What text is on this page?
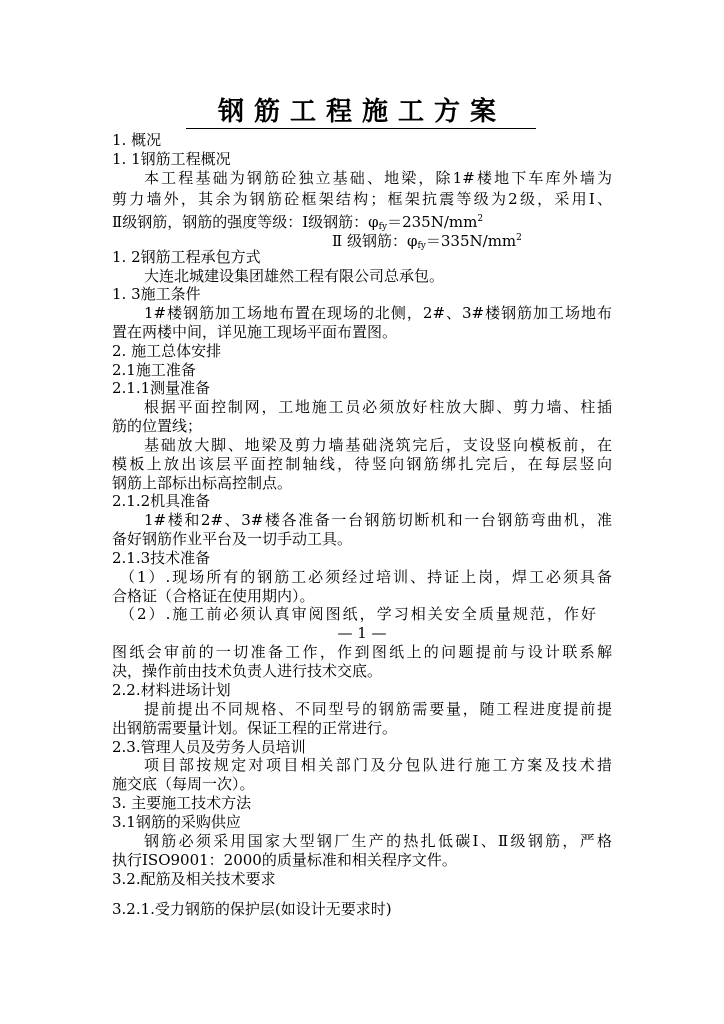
钢筋工程施工方案
1. 概况
1. 1钢筋工程概况
本工程基础为钢筋砼独立基础、地梁，除1#楼地下车库外墙为
剪力墙外，其余为钢筋砼框架结构；框架抗震等级为2级，采用Ⅰ、
Ⅱ级钢筋，钢筋的强度等级：Ⅰ级钢筋：$\varphi_{fy}=235N/mm^2$
Ⅱ 级钢筋：$\varphi_{fy}=335N/mm^2$
1. 2钢筋工程承包方式
大连北城建设集团雄然工程有限公司总承包。
1. 3施工条件
1#楼钢筋加工场地布置在现场的北侧，2#、3#楼钢筋加工场地布
置在两楼中间，详见施工现场平面布置图。
2. 施工总体安排
2.1施工准备
2.1.1测量准备
根据平面控制网，工地施工员必须放好柱放大脚、剪力墙、柱插
筋的位置线；
基础放大脚、地梁及剪力墙基础浇筑完后，支设竖向模板前，在
模板上放出该层平面控制轴线，待竖向钢筋绑扎完后，在每层竖向
钢筋上部标出标高控制点。
2.1.2机具准备
1#楼和2#、3#楼各准备一台钢筋切断机和一台钢筋弯曲机，准
备好钢筋作业平台及一切手动工具。
2.1.3技术准备
（1）.现场所有的钢筋工必须经过培训、持证上岗，焊工必须具备
合格证（合格证在使用期内）。
（2）.施工前必须认真审阅图纸，学习相关安全质量规范，作好
— 1 —
图纸会审前的一切准备工作，作到图纸上的问题提前与设计联系解
决，操作前由技术负责人进行技术交底。
2.2.材料进场计划
提前提出不同规格、不同型号的钢筋需要量，随工程进度提前提
出钢筋需要量计划。保证工程的正常进行。
2.3.管理人员及劳务人员培训
项目部按规定对项目相关部门及分包队进行施工方案及技术措
施交底（每周一次）。
3. 主要施工技术方法
3.1钢筋的采购供应
钢筋必须采用国家大型钢厂生产的热扎低碳Ⅰ、Ⅱ级钢筋，严格
执行ISO9001：2000的质量标准和相关程序文件。
3.2.配筋及相关技术要求
3.2.1.受力钢筋的保护层(如设计无要求时)
